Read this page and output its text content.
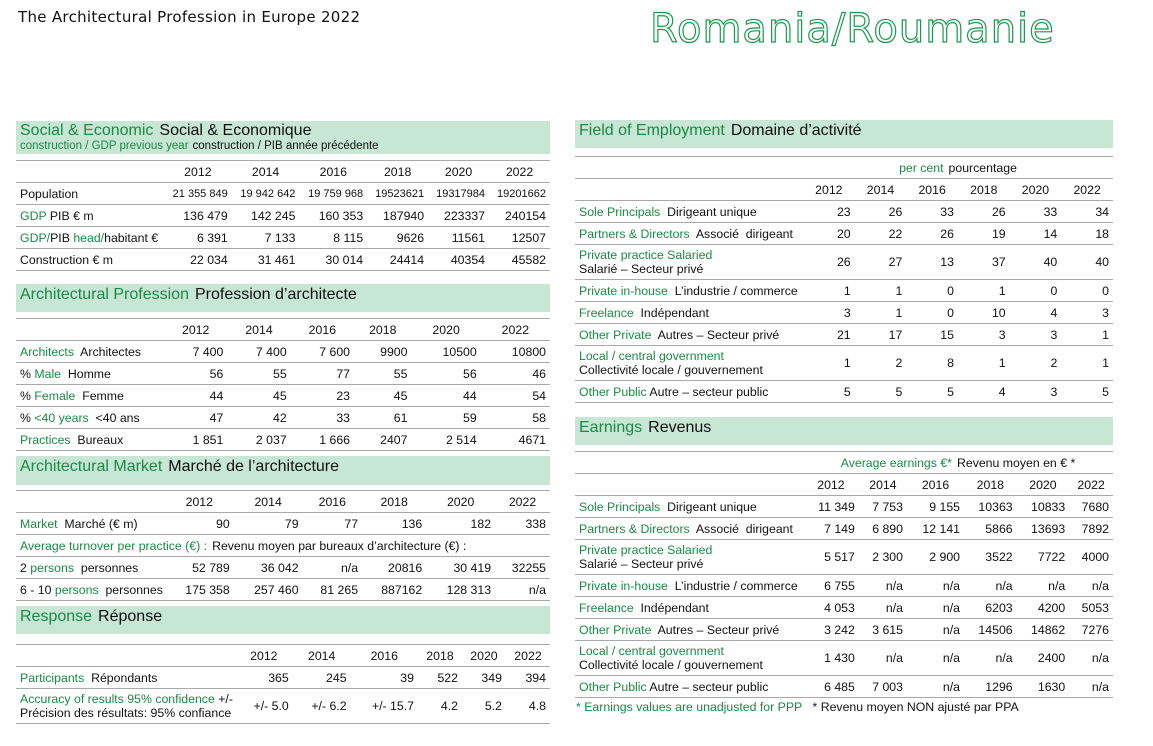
The Architectural Profession in Europe 2022	Romania/Roumanie
Social & Economic Social & Economique
construction / GDP previous year construction / PIB année précédente
	2012	2014	2016	2018	2020	2022
Population	21 355 849	19 942 642	19 759 968	19523621	19317984	19201662
GDP PIB € m	136 479	142 245	160 353	187940	223337	240154
GDP/PIB head/habitant €	6 391	7 133	8 115	9626	11561	12507
Construction € m	22 034	31 461	30 014	24414	40354	45582
Architectural Profession Profession d’architecte
	2012	2014	2016	2018	2020	2022
Architects  Architectes	7 400	7 400	7 600	9900	10500	10800
% Male  Homme	56	55	77	55	56	46
% Female  Femme	44	45	23	45	44	54
% <40 years  <40 ans	47	42	33	61	59	58
Practices  Bureaux	1 851	2 037	1 666	2407	2 514	4671
Architectural Market Marché de l’architecture
	2012	2014	2016	2018	2020	2022
Market  Marché (€ m)	90	79	77	136	182	338
Average turnover per practice (€) : Revenu moyen par bureaux d’architecture (€) :						
2 persons  personnes	52 789	36 042	n/a	20816	30 419	32255
6 - 10 persons  personnes	175 358	257 460	81 265	887162	128 313	n/a
Response Réponse
	2012	2014	2016	2018	2020	2022
Participants  Répondants	365	245	39	522	349	394

Accuracy of results 95% confidence +/-
Précision des résultats: 95% confiance	+/- 5.0	+/- 6.2	+/- 15.7	4.2	5.2	4.8
Field of Employment Domaine d’activité
	per cent pourcentage					
	2012	2014	2016	2018	2020	2022
Sole Principals  Dirigeant unique	23	26	33	26	33	34
Partners & Directors  Associé  dirigeant	20	22	26	19	14	18
Private practice Salaried
Salarié – Secteur privé	26	27	13	37	40	40
Private in-house  L’industrie / commerce	1	1	0	1	0	0
Freelance  Indépendant	3	1	0	10	4	3
Other Private  Autres – Secteur privé	21	17	15	3	3	1
Local / central government
Collectivité locale / gouvernement	1	2	8	1	2	1
Other Public Autre – secteur public	5	5	5	4	3	5
Earnings Revenus
	Average earnings €* Revenu moyen en € *					
	2012	2014	2016	2018	2020	2022
Sole Principals  Dirigeant unique	11 349	7 753	9 155	10363	10833	7680
Partners & Directors  Associé  dirigeant	7 149	6 890	12 141	5866	13693	7892
Private practice Salaried
Salarié – Secteur privé	5 517	2 300	2 900	3522	7722	4000
Private in-house  L’industrie / commerce	6 755	n/a	n/a	n/a	n/a	n/a
Freelance  Indépendant	4 053	n/a	n/a	6203	4200	5053
Other Private  Autres – Secteur privé	3 242	3 615	n/a	14506	14862	7276
Local / central government
Collectivité locale / gouvernement	1 430	n/a	n/a	n/a	2400	n/a
Other Public Autre – secteur public	6 485	7 003	n/a	1296	1630	n/a
* Earnings values are unadjusted for PPP * Revenu moyen NON ajusté par PPA
